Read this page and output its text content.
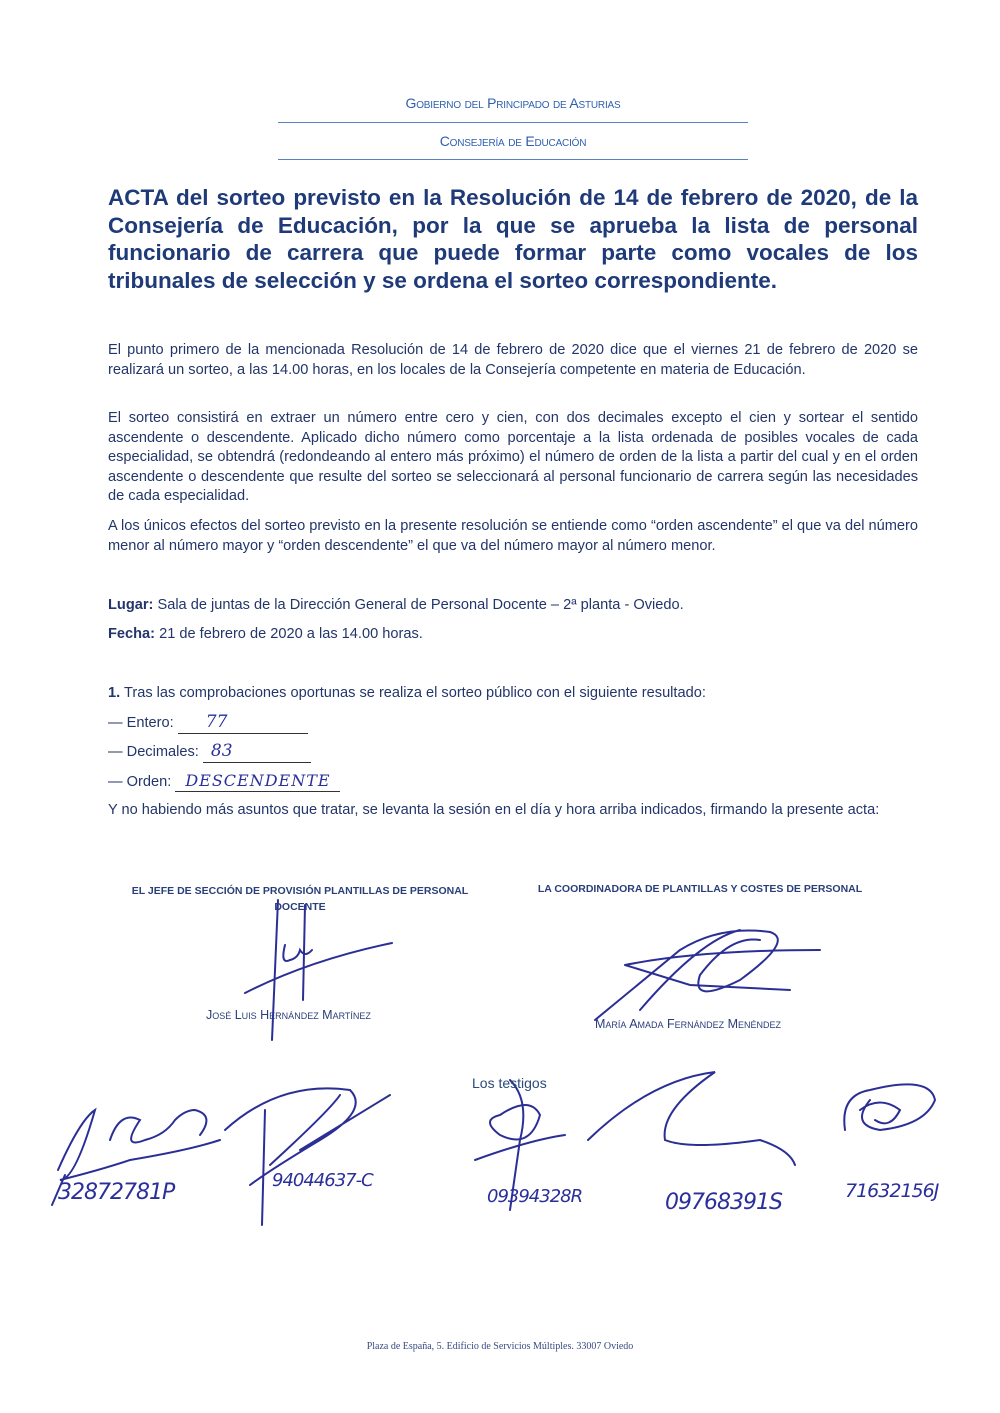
Gobierno del Principado de Asturias
Consejería de Educación
ACTA del sorteo previsto en la Resolución de 14 de febrero de 2020, de la Consejería de Educación, por la que se aprueba la lista de personal funcionario de carrera que puede formar parte como vocales de los tribunales de selección y se ordena el sorteo correspondiente.
El punto primero de la mencionada Resolución de 14 de febrero de 2020 dice que el viernes 21 de febrero de 2020 se realizará un sorteo, a las 14.00 horas, en los locales de la Consejería competente en materia de Educación.
El sorteo consistirá en extraer un número entre cero y cien, con dos decimales excepto el cien y sortear el sentido ascendente o descendente. Aplicado dicho número como porcentaje a la lista ordenada de posibles vocales de cada especialidad, se obtendrá (redondeando al entero más próximo) el número de orden de la lista a partir del cual y en el orden ascendente o descendente que resulte del sorteo se seleccionará al personal funcionario de carrera según las necesidades de cada especialidad.
A los únicos efectos del sorteo previsto en la presente resolución se entiende como “orden ascendente” el que va del número menor al número mayor y “orden descendente” el que va del número mayor al número menor.
Lugar: Sala de juntas de la Dirección General de Personal Docente – 2ª planta - Oviedo.
Fecha: 21 de febrero de 2020 a las 14.00 horas.
1. Tras las comprobaciones oportunas se realiza el sorteo público con el siguiente resultado:
— Entero: 77
— Decimales: 83
— Orden: DESCENDENTE
Y no habiendo más asuntos que tratar, se levanta la sesión en el día y hora arriba indicados, firmando la presente acta:
EL JEFE DE SECCIÓN DE PROVISIÓN PLANTILLAS DE PERSONAL DOCENTE
LA COORDINADORA DE PLANTILLAS Y COSTES DE PERSONAL
José Luis Hernández Martínez
María Amada Fernández Menéndez
Los testigos
32872781P	94044637-C
09394328R	09768391S	71632156J
Plaza de España, 5. Edificio de Servicios Múltiples. 33007 Oviedo
